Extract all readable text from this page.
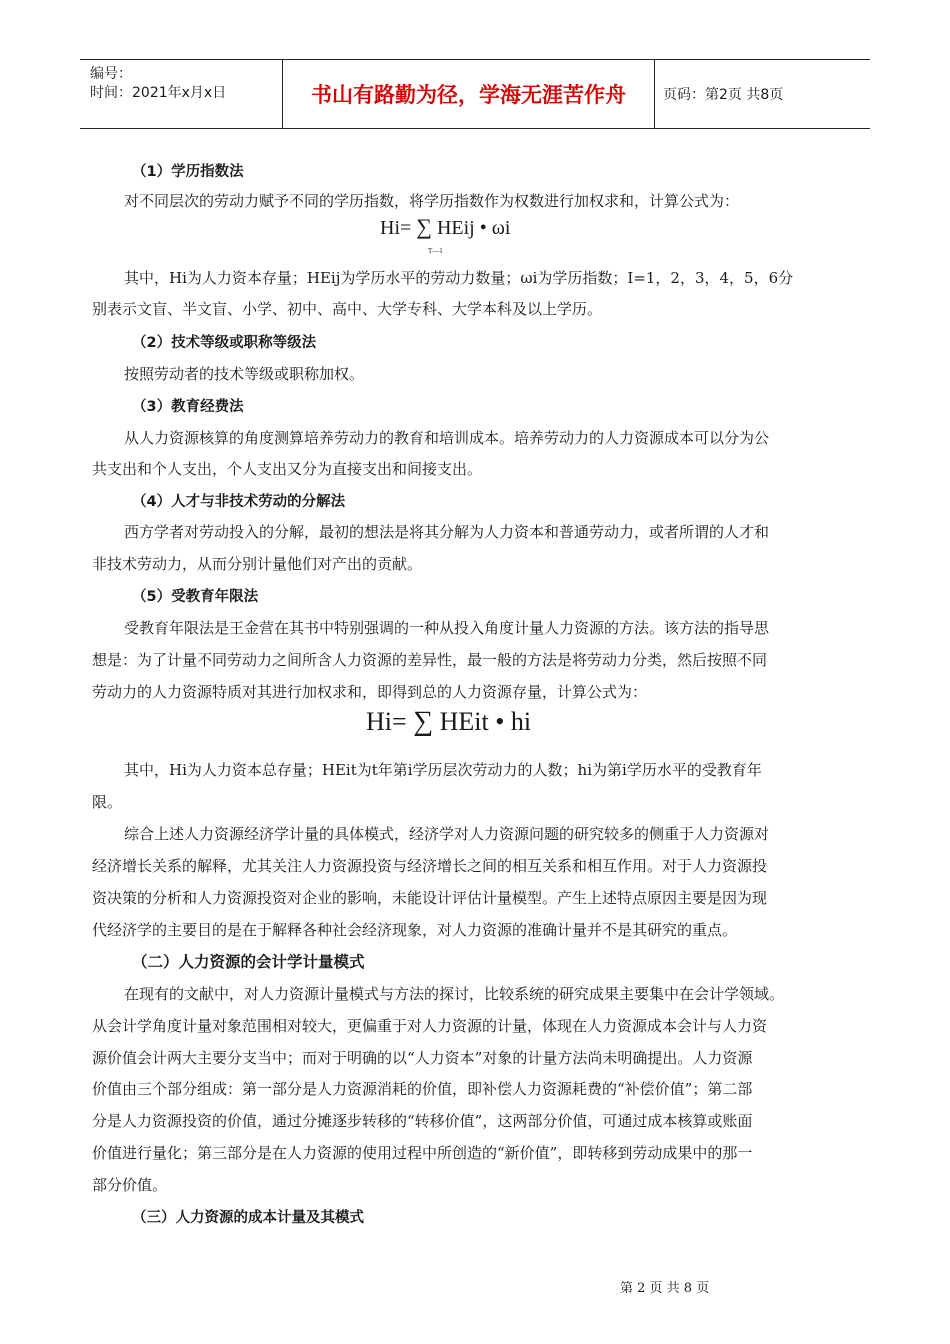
编号：
时间：2021年x月x日	书山有路勤为径，学海无涯苦作舟	页码：第2页 共8页
（1）学历指数法
对不同层次的劳动力赋予不同的学历指数，将学历指数作为权数进行加权求和，计算公式为：
Hi= ∑ HEij • ωi
T—1
其中，Hi为人力资本存量；HEij为学历水平的劳动力数量；ωi为学历指数；I=1，2，3，4，5，6分
别表示文盲、半文盲、小学、初中、高中、大学专科、大学本科及以上学历。
（2）技术等级或职称等级法
按照劳动者的技术等级或职称加权。
（3）教育经费法
从人力资源核算的角度测算培养劳动力的教育和培训成本。培养劳动力的人力资源成本可以分为公
共支出和个人支出，个人支出又分为直接支出和间接支出。
（4）人才与非技术劳动的分解法
西方学者对劳动投入的分解，最初的想法是将其分解为人力资本和普通劳动力，或者所谓的人才和
非技术劳动力，从而分别计量他们对产出的贡献。
（5）受教育年限法
受教育年限法是王金营在其书中特别强调的一种从投入角度计量人力资源的方法。该方法的指导思
想是：为了计量不同劳动力之间所含人力资源的差异性，最一般的方法是将劳动力分类，然后按照不同
劳动力的人力资源特质对其进行加权求和，即得到总的人力资源存量，计算公式为：
Hi= ∑ HEit • hi
其中，Hi为人力资本总存量；HEit为t年第i学历层次劳动力的人数；hi为第i学历水平的受教育年
限。
综合上述人力资源经济学计量的具体模式，经济学对人力资源问题的研究较多的侧重于人力资源对
经济增长关系的解释，尤其关注人力资源投资与经济增长之间的相互关系和相互作用。对于人力资源投
资决策的分析和人力资源投资对企业的影响，未能设计评估计量模型。产生上述特点原因主要是因为现
代经济学的主要目的是在于解释各种社会经济现象，对人力资源的准确计量并不是其研究的重点。
（二）人力资源的会计学计量模式
在现有的文献中，对人力资源计量模式与方法的探讨，比较系统的研究成果主要集中在会计学领域。
从会计学角度计量对象范围相对较大，更偏重于对人力资源的计量，体现在人力资源成本会计与人力资
源价值会计两大主要分支当中；而对于明确的以“人力资本”对象的计量方法尚未明确提出。人力资源
价值由三个部分组成：第一部分是人力资源消耗的价值，即补偿人力资源耗费的“补偿价值”；第二部
分是人力资源投资的价值，通过分摊逐步转移的“转移价值”，这两部分价值，可通过成本核算或账面
价值进行量化；第三部分是在人力资源的使用过程中所创造的“新价值”，即转移到劳动成果中的那一
部分价值。
（三）人力资源的成本计量及其模式
第 2 页 共 8 页
